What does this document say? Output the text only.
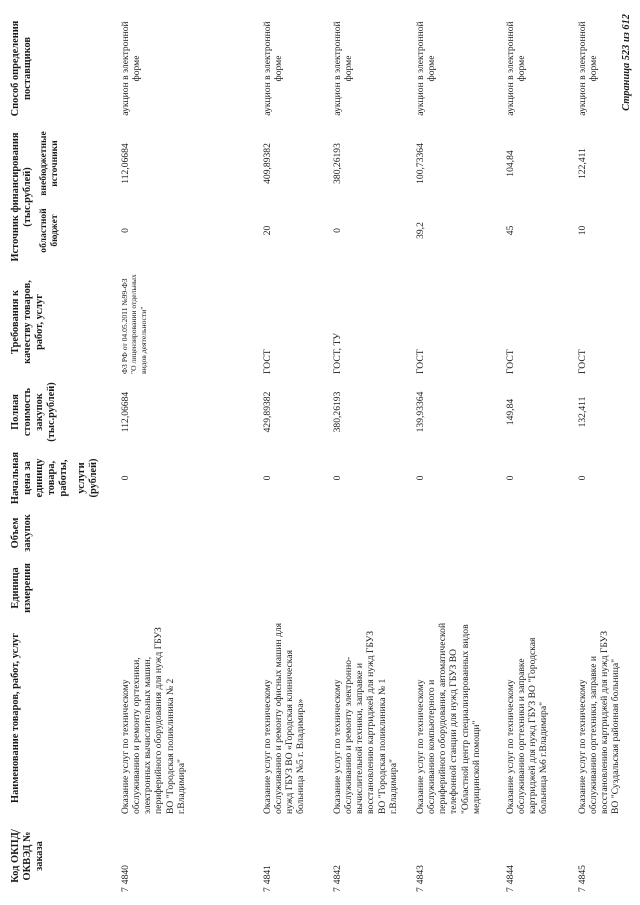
Код ОКПД/ ОКВЭД № заказа
Наименование товаров, работ, услуг
Единица измерения
Объем закупок
Начальная цена за единицу товара, работы, услуги (рублей)
Полная стоимость закупок (тыс.рублей)
Требования к качеству товаров, работ, услуг
Источник финансирования (тыс.рублей)
областной бюджет
внебюджетные источники
Способ определения поставщиков
7
4840
Оказание услуг по техническому обслуживанию и ремонту оргтехники, электронных вычислительных машин, периферийного оборудования для нужд ГБУЗ ВО "Городская поликлиника № 2 г.Владимира"
0
112,06684
ФЗ РФ от 04.05.2011 №99-ФЗ "О лицензировании отдельных видов деятельности"
0
112,06684
аукцион в электронной форме
7
4841
Оказание услуг по техническому обслуживанию и ремонту офисных машин для нужд ГБУЗ ВО «Городская клиническая больница №5 г. Владимира»
0
429,89382
ГОСТ
20
409,89382
аукцион в электронной форме
7
4842
Оказание услуг по техническому обслуживанию и ремонту электронно-вычислительной техники, заправке и восстановлению картриджей для нужд ГБУЗ ВО "Городская поликлиника № 1 г.Владимира"
0
380,26193
ГОСТ, ТУ
0
380,26193
аукцион в электронной форме
7
4843
Оказание услуг по техническому обслуживанию компьютерного и периферийного оборудования, автоматической телефонной станции для нужд ГБУЗ ВО "Областной центр специализированных видов медицинской помощи"
0
139,93364
ГОСТ
39,2
100,73364
аукцион в электронной форме
7
4844
Оказание услуг по техническому обслуживанию оргтехники и заправке картриджей для нужд ГБУЗ ВО "Городская больница №6 г.Владимира"
0
149,84
ГОСТ
45
104,84
аукцион в электронной форме
7
4845
Оказание услуг по техническому обслуживанию оргтехники, заправке и восстановлению картриджей для нужд ГБУЗ ВО "Суздальская районная больница"
0
132,411
ГОСТ
10
122,411
аукцион в электронной форме	Страница 523 из 612
